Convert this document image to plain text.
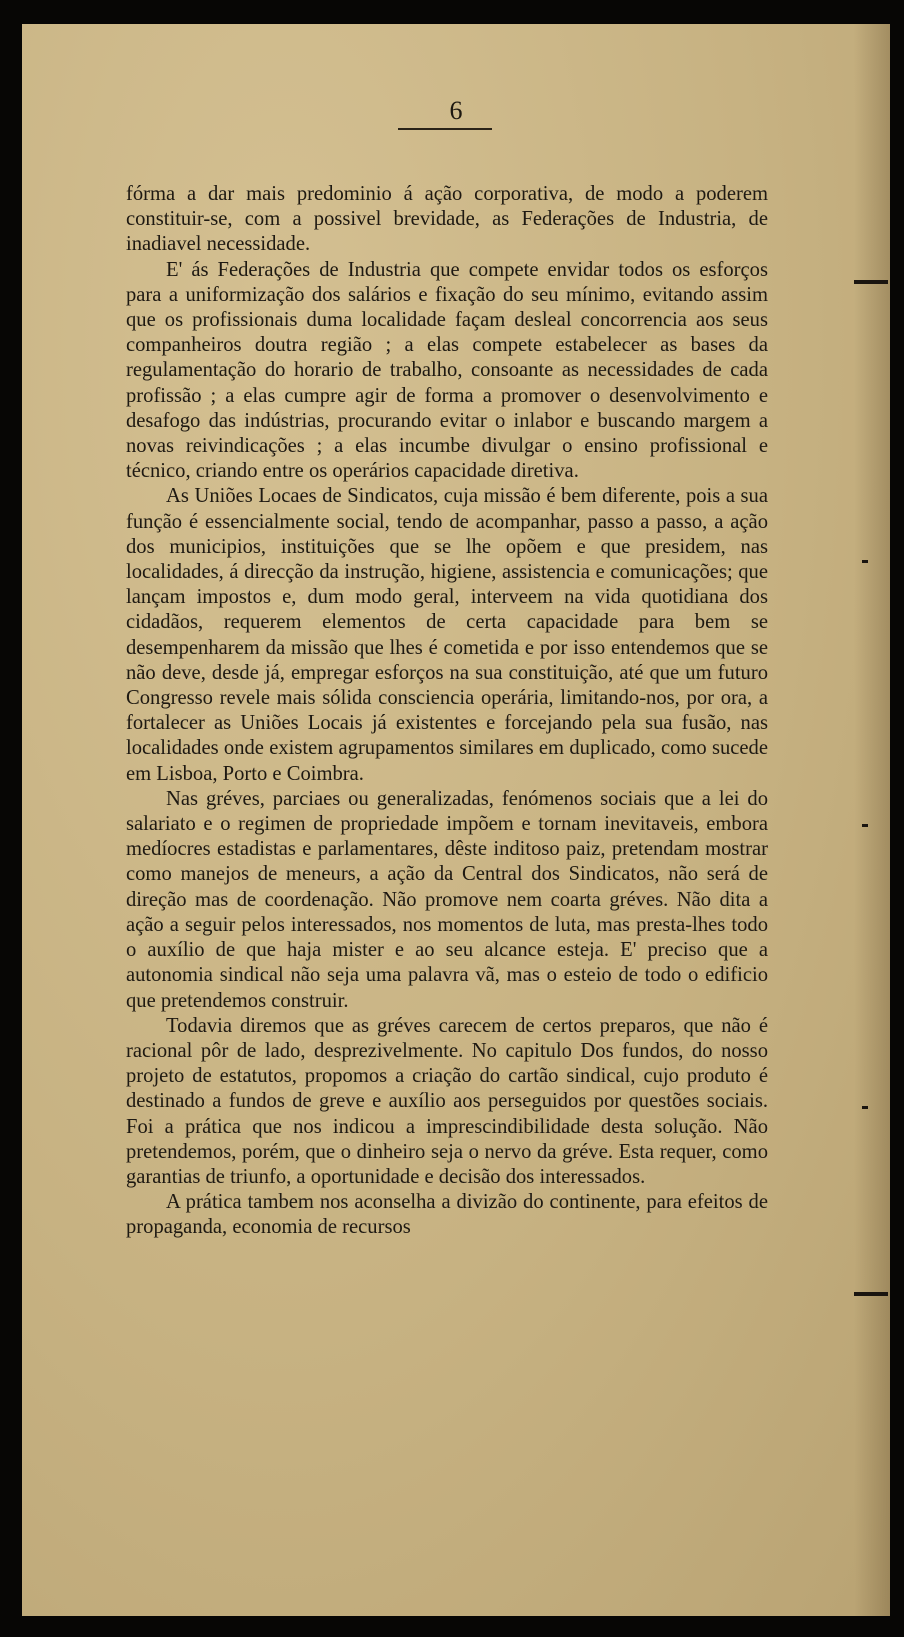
6

fórma a dar mais predominio á ação corporativa, de modo a poderem constituir-se, com a possivel brevidade, as Federações de Industria, de inadiavel necessidade.

E' ás Federações de Industria que compete envidar todos os esforços para a uniformização dos salários e fixação do seu mínimo, evitando assim que os profissionais duma localidade façam desleal concorrencia aos seus companheiros doutra região ; a elas compete estabelecer as bases da regulamentação do horario de trabalho, consoante as necessidades de cada profissão ; a elas cumpre agir de forma a promover o desenvolvimento e desafogo das indústrias, procurando evitar o inlabor e buscando margem a novas reivindicações ; a elas incumbe divulgar o ensino profissional e técnico, criando entre os operários capacidade diretiva.

As Uniões Locaes de Sindicatos, cuja missão é bem diferente, pois a sua função é essencialmente social, tendo de acompanhar, passo a passo, a ação dos municipios, instituições que se lhe opõem e que presidem, nas localidades, á direcção da instrução, higiene, assistencia e comunicações; que lançam impostos e, dum modo geral, interveem na vida quotidiana dos cidadãos, requerem elementos de certa capacidade para bem se desempenharem da missão que lhes é cometida e por isso entendemos que se não deve, desde já, empregar esforços na sua constituição, até que um futuro Congresso revele mais sólida consciencia operária, limitando-nos, por ora, a fortalecer as Uniões Locais já existentes e forcejando pela sua fusão, nas localidades onde existem agrupamentos similares em duplicado, como sucede em Lisboa, Porto e Coimbra.

Nas gréves, parciaes ou generalizadas, fenómenos sociais que a lei do salariato e o regimen de propriedade impõem e tornam inevitaveis, embora medíocres estadistas e parlamentares, dêste inditoso paiz, pretendam mostrar como manejos de meneurs, a ação da Central dos Sindicatos, não será de direção mas de coordenação. Não promove nem coarta gréves. Não dita a ação a seguir pelos interessados, nos momentos de luta, mas presta-lhes todo o auxílio de que haja mister e ao seu alcance esteja. E' preciso que a autonomia sindical não seja uma palavra vã, mas o esteio de todo o edificio que pretendemos construir.

Todavia diremos que as gréves carecem de certos preparos, que não é racional pôr de lado, desprezivelmente. No capitulo Dos fundos, do nosso projeto de estatutos, propomos a criação do cartão sindical, cujo produto é destinado a fundos de greve e auxílio aos perseguidos por questões sociais. Foi a prática que nos indicou a imprescindibilidade desta solução. Não pretendemos, porém, que o dinheiro seja o nervo da gréve. Esta requer, como garantias de triunfo, a oportunidade e decisão dos interessados.

A prática tambem nos aconselha a divizão do continente, para efeitos de propaganda, economia de recursos
